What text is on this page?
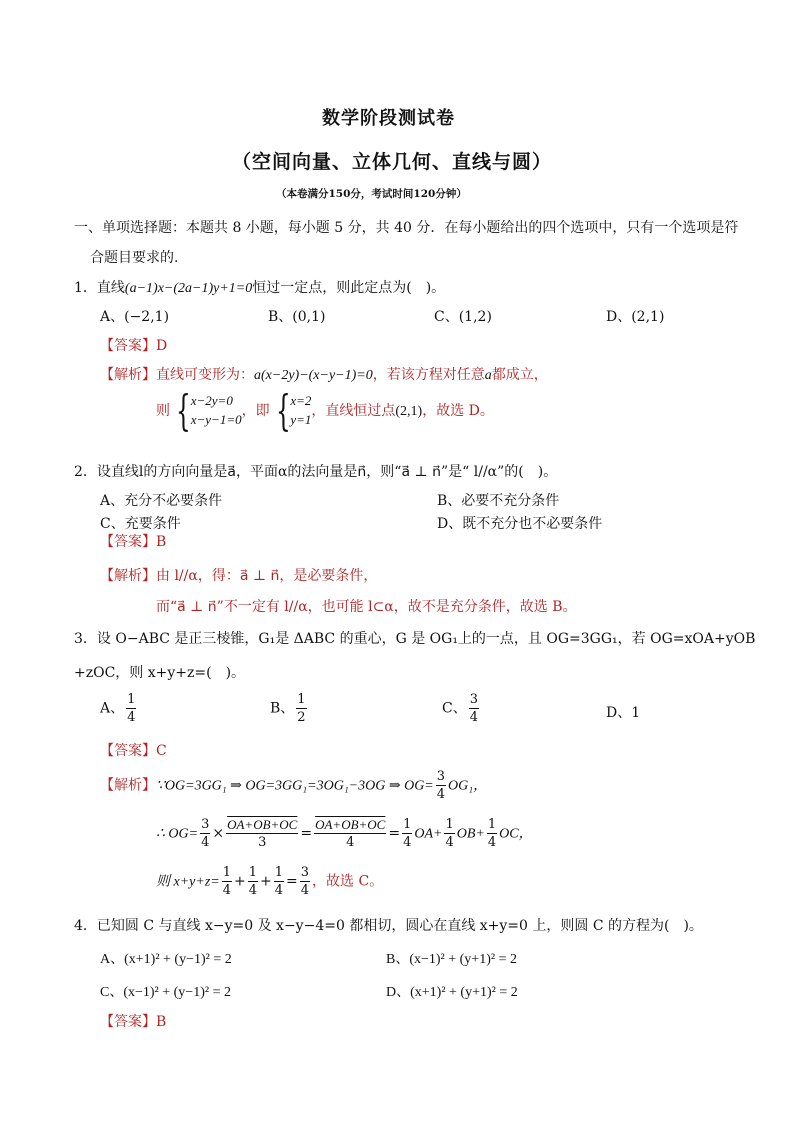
数学阶段测试卷
（空间向量、立体几何、直线与圆）
（本卷满分150分，考试时间120分钟）
一、单项选择题：本题共 8 小题，每小题 5 分，共 40 分．在每小题给出的四个选项中，只有一个选项是符
合题目要求的.
1．直线(a−1)x−(2a−1)y+1=0恒过一定点，则此定点为(　)。
A、(−2,1)	B、(0,1)	C、(1,2)	D、(2,1)
【答案】D
【解析】直线可变形为：a(x−2y)−(x−y−1)=0，若该方程对任意a都成立，
则 { x−2y=0
x−y−1=0
，即 { x=2
y=1
，直线恒过点(2,1)，故选 D。
2．设直线l的方向向量是a⃗，平面α的法向量是n⃗，则“a⃗ ⊥ n⃗”是“ l//α”的(　)。
A、充分不必要条件	B、必要不充分条件
C、充要条件	D、既不充分也不必要条件
【答案】B
【解析】由 l//α，得：a⃗ ⊥ n⃗，是必要条件，
而“a⃗ ⊥ n⃗”不一定有 l//α，也可能 l⊂α，故不是充分条件，故选 B。
3．设 O−ABC 是正三棱锥，G₁是 ΔABC 的重心，G 是 OG₁上的一点，且 OG=3GG₁，若 OG=xOA+yOB
+zOC，则 x+y+z=(　)。
A、 $\frac{1}{4}$	B、 $\frac{1}{2}$	C、 $\frac{3}{4}$	D、1
【答案】C
【解析】∵OG=3GG₁ ⇒ OG=3GG₁=3OG₁−3OG ⇒ $OG= \frac{3}{4} OG_1$，
∴ $OG= \frac{3}{4} \times \frac{OA+OB+OC}{3} = \frac{OA+OB+OC}{4} = \frac{1}{4} OA+ \frac{1}{4} OB+ \frac{1}{4}$ OC，
则 $x+y+z= \frac{1}{4} + \frac{1}{4} + \frac{1}{4} = \frac{3}{4}$ ，故选 C。
4．已知圆 C 与直线 x−y=0 及 x−y−4=0 都相切，圆心在直线 x+y=0 上，则圆 C 的方程为(　)。
A、(x+1)² + (y−1)² = 2	B、(x−1)² + (y+1)² = 2
C、(x−1)² + (y−1)² = 2	D、(x+1)² + (y+1)² = 2
【答案】B
